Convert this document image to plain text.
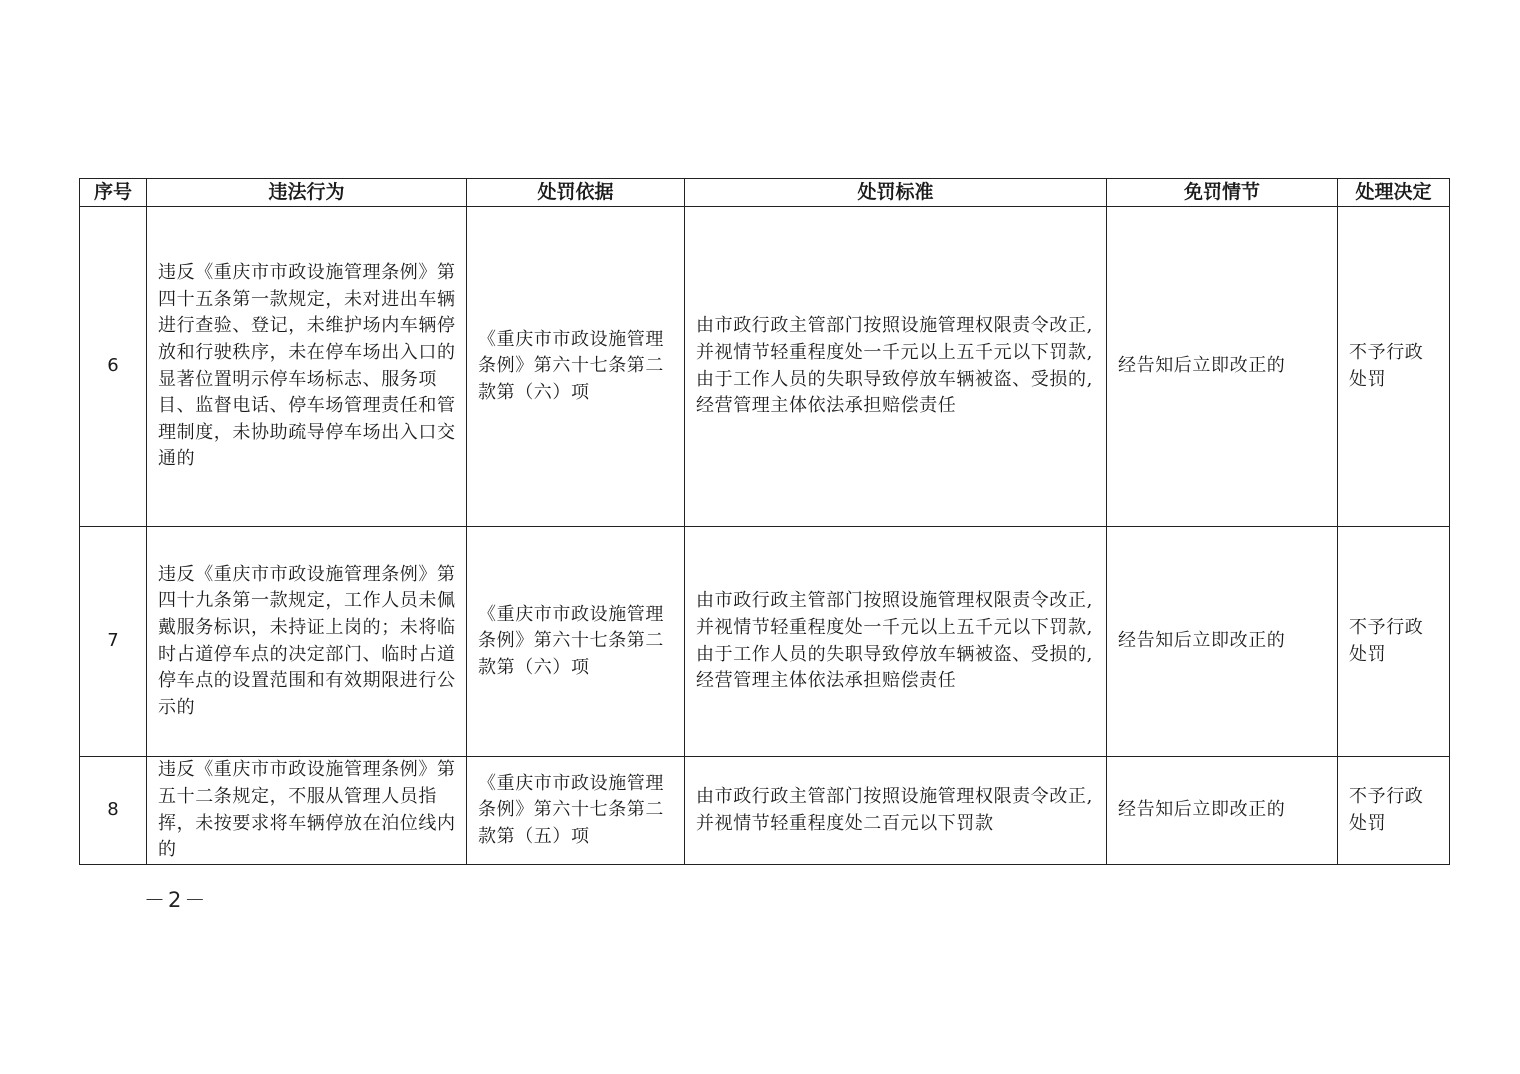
序号	违法行为	处罚依据	处罚标准	免罚情节	处理决定
6	违反《重庆市市政设施管理条例》第四十五条第一款规定，未对进出车辆进行查验、登记，未维护场内车辆停放和行驶秩序，未在停车场出入口的显著位置明示停车场标志、服务项目、监督电话、停车场管理责任和管理制度，未协助疏导停车场出入口交通的	《重庆市市政设施管理条例》第六十七条第二款第（六）项	由市政行政主管部门按照设施管理权限责令改正,并视情节轻重程度处一千元以上五千元以下罚款,由于工作人员的失职导致停放车辆被盗、受损的,经营管理主体依法承担赔偿责任	经告知后立即改正的	不予行政处罚
7	违反《重庆市市政设施管理条例》第四十九条第一款规定，工作人员未佩戴服务标识，未持证上岗的；未将临时占道停车点的决定部门、临时占道停车点的设置范围和有效期限进行公示的	《重庆市市政设施管理条例》第六十七条第二款第（六）项	由市政行政主管部门按照设施管理权限责令改正,并视情节轻重程度处一千元以上五千元以下罚款,由于工作人员的失职导致停放车辆被盗、受损的,经营管理主体依法承担赔偿责任	经告知后立即改正的	不予行政处罚
8	违反《重庆市市政设施管理条例》第五十二条规定，不服从管理人员指挥，未按要求将车辆停放在泊位线内的	《重庆市市政设施管理条例》第六十七条第二款第（五）项	由市政行政主管部门按照设施管理权限责令改正,并视情节轻重程度处二百元以下罚款	经告知后立即改正的	不予行政处罚
－2－
